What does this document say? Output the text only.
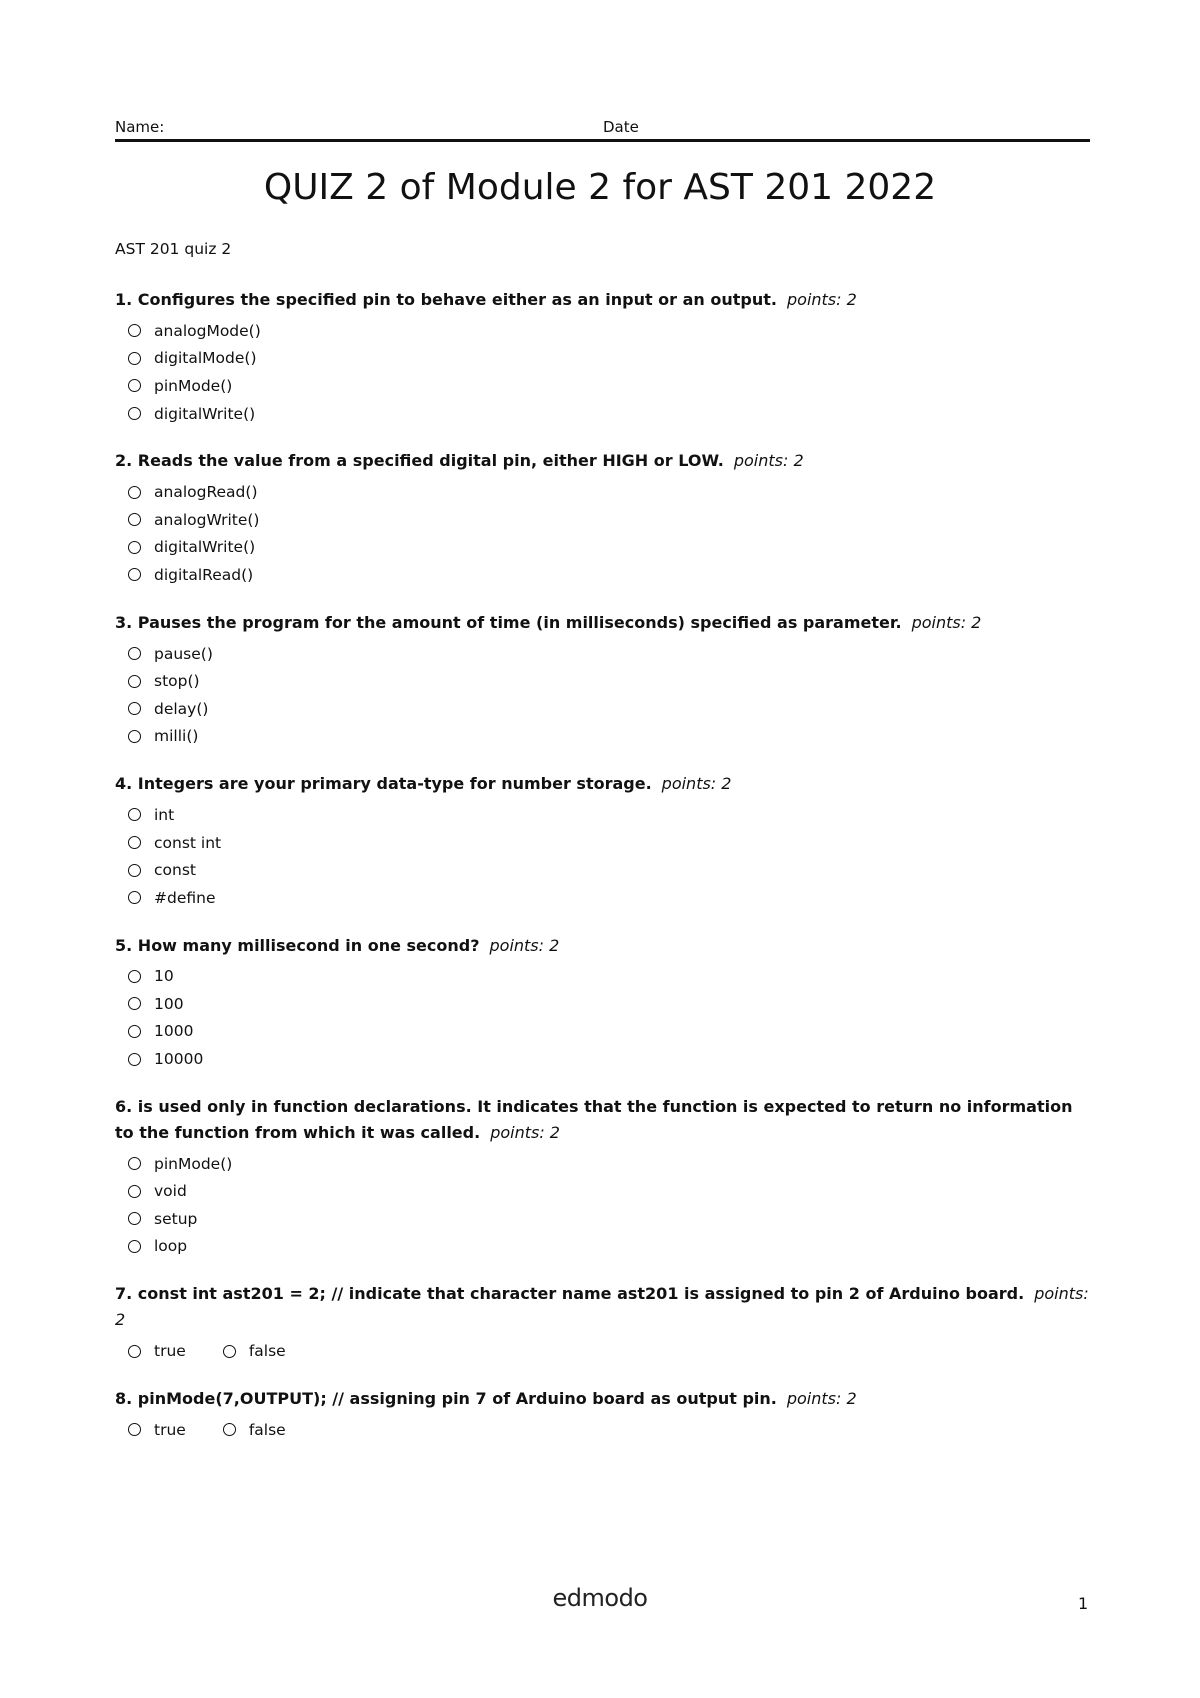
Name:	Date
QUIZ 2 of Module 2 for AST 201 2022
AST 201 quiz 2
1. Configures the specified pin to behave either as an input or an output. points: 2
analogMode()
digitalMode()
pinMode()
digitalWrite()
2. Reads the value from a specified digital pin, either HIGH or LOW. points: 2
analogRead()
analogWrite()
digitalWrite()
digitalRead()
3. Pauses the program for the amount of time (in milliseconds) specified as parameter. points: 2
pause()
stop()
delay()
milli()
4. Integers are your primary data-type for number storage. points: 2
int
const int
const
#define
5. How many millisecond in one second? points: 2
10
100
1000
10000
6. is used only in function declarations. It indicates that the function is expected to return no information to the function from which it was called. points: 2
pinMode()
void
setup
loop
7. const int ast201 = 2; // indicate that character name ast201 is assigned to pin 2 of Arduino board. points: 2
true	false
8. pinMode(7,OUTPUT); // assigning pin 7 of Arduino board as output pin. points: 2
true	false
edmodo	1
